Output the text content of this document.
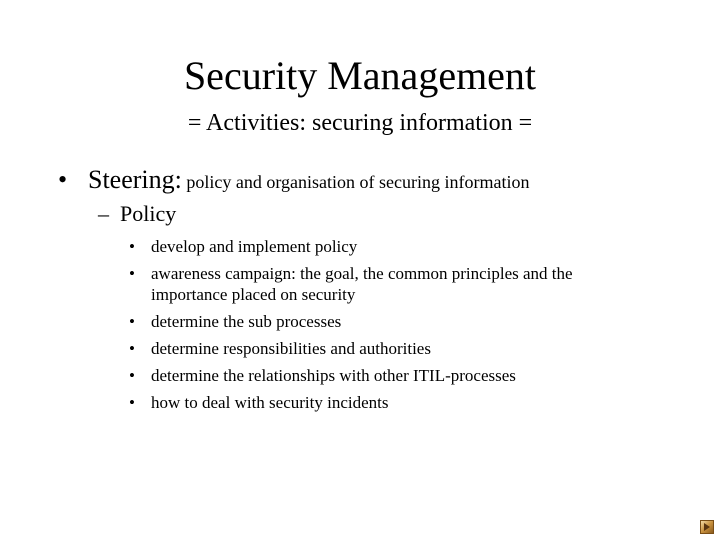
Security Management
= Activities: securing information =
• Steering: policy and organisation of securing information
– Policy
• develop and implement policy
• awareness campaign: the goal, the common principles and the
importance placed on security
• determine the sub processes
• determine responsibilities and authorities
• determine the relationships with other ITIL-processes
• how to deal with security incidents
